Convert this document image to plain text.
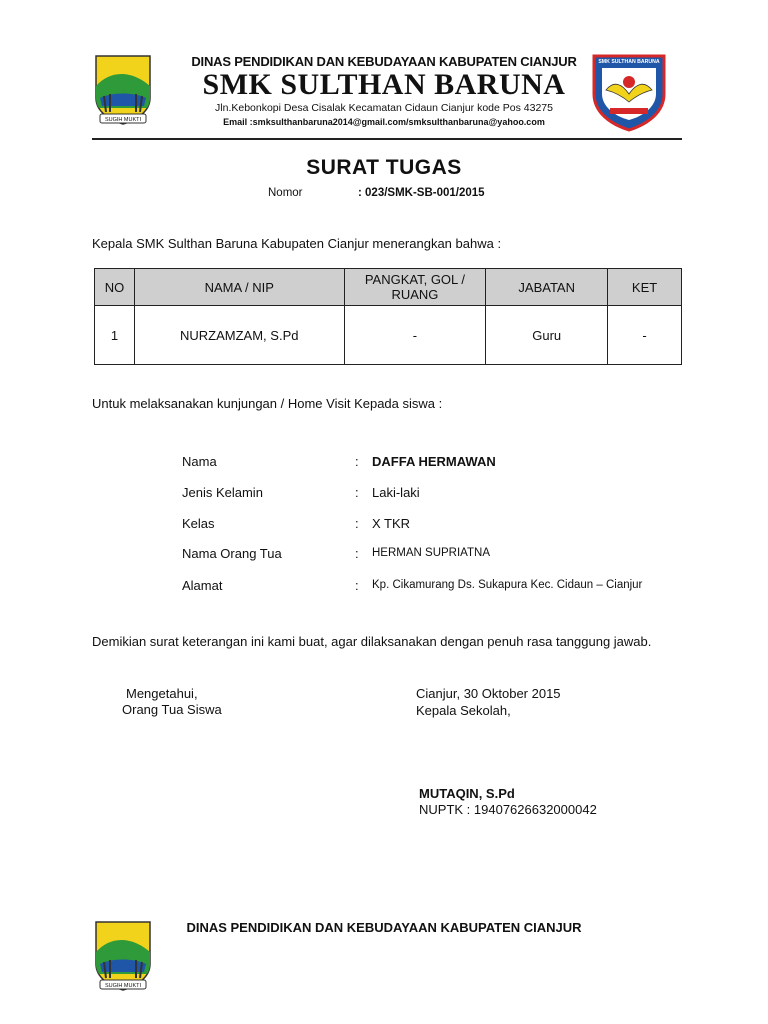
SUGIH MUKTI
SMK SULTHAN BARUNA
DINAS PENDIDIKAN DAN KEBUDAYAAN KABUPATEN CIANJUR
SMK SULTHAN BARUNA
Jln.Kebonkopi Desa Cisalak Kecamatan Cidaun Cianjur kode Pos 43275
Email :smksulthanbaruna2014@gmail.com/smksulthanbaruna@yahoo.com
SURAT TUGAS
Nomor	: 023/SMK-SB-001/2015
Kepala SMK Sulthan Baruna Kabupaten Cianjur menerangkan bahwa :
NO	NAMA / NIP	PANGKAT, GOL / RUANG	JABATAN	KET
1	NURZAMZAM, S.Pd	-	Guru	-
Untuk melaksanakan kunjungan / Home Visit Kepada siswa :
Nama	: DAFFA HERMAWAN
Jenis Kelamin	: Laki-laki
Kelas	: X TKR
Nama Orang Tua	: HERMAN SUPRIATNA
Alamat	: Kp. Cikamurang Ds. Sukapura Kec. Cidaun – Cianjur
Demikian surat keterangan ini kami buat, agar dilaksanakan dengan penuh rasa tanggung jawab.
Mengetahui,
Orang Tua Siswa
Cianjur, 30 Oktober 2015
Kepala Sekolah,
MUTAQIN, S.Pd
NUPTK : 19407626632000042
SUGIH MUKTI
DINAS PENDIDIKAN DAN KEBUDAYAAN KABUPATEN CIANJUR
